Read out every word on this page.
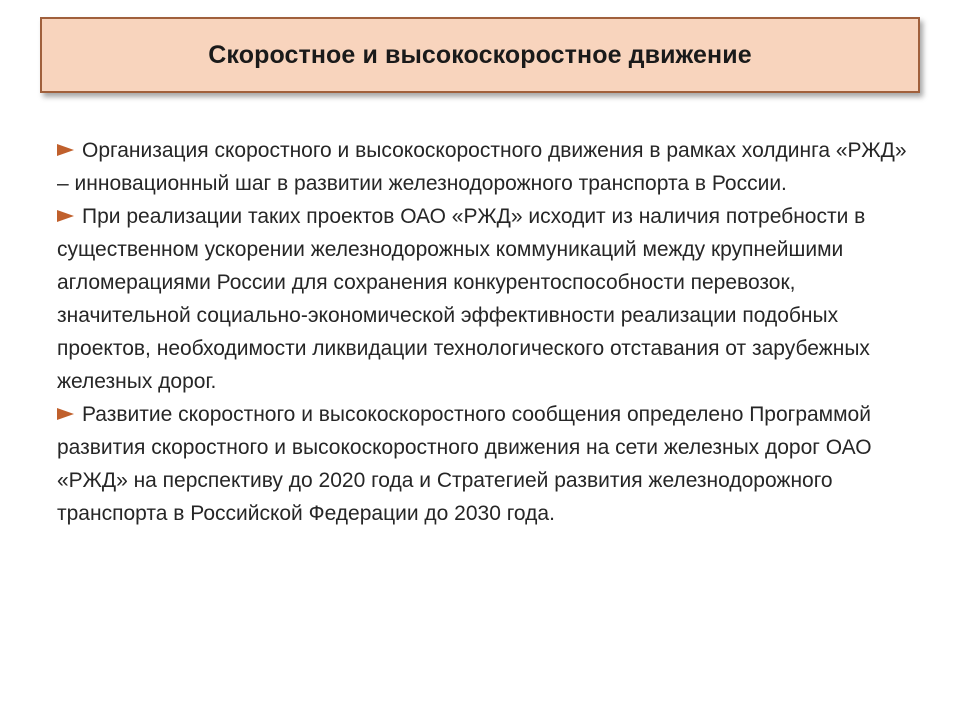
Скоростное и высокоскоростное движение

Организация скоростного и высокоскоростного движения в рамках холдинга «РЖД» – инновационный шаг в развитии железнодорожного транспорта в России.

При реализации таких проектов ОАО «РЖД» исходит из наличия потребности в существенном ускорении железнодорожных коммуникаций между крупнейшими агломерациями России для сохранения конкурентоспособности перевозок, значительной социально-экономической эффективности реализации подобных проектов, необходимости ликвидации технологического отставания от зарубежных железных дорог.

Развитие скоростного и высокоскоростного сообщения определено Программой развития скоростного и высокоскоростного движения на сети железных дорог ОАО «РЖД» на перспективу до 2020 года и Стратегией развития железнодорожного транспорта в Российской Федерации до 2030 года.
